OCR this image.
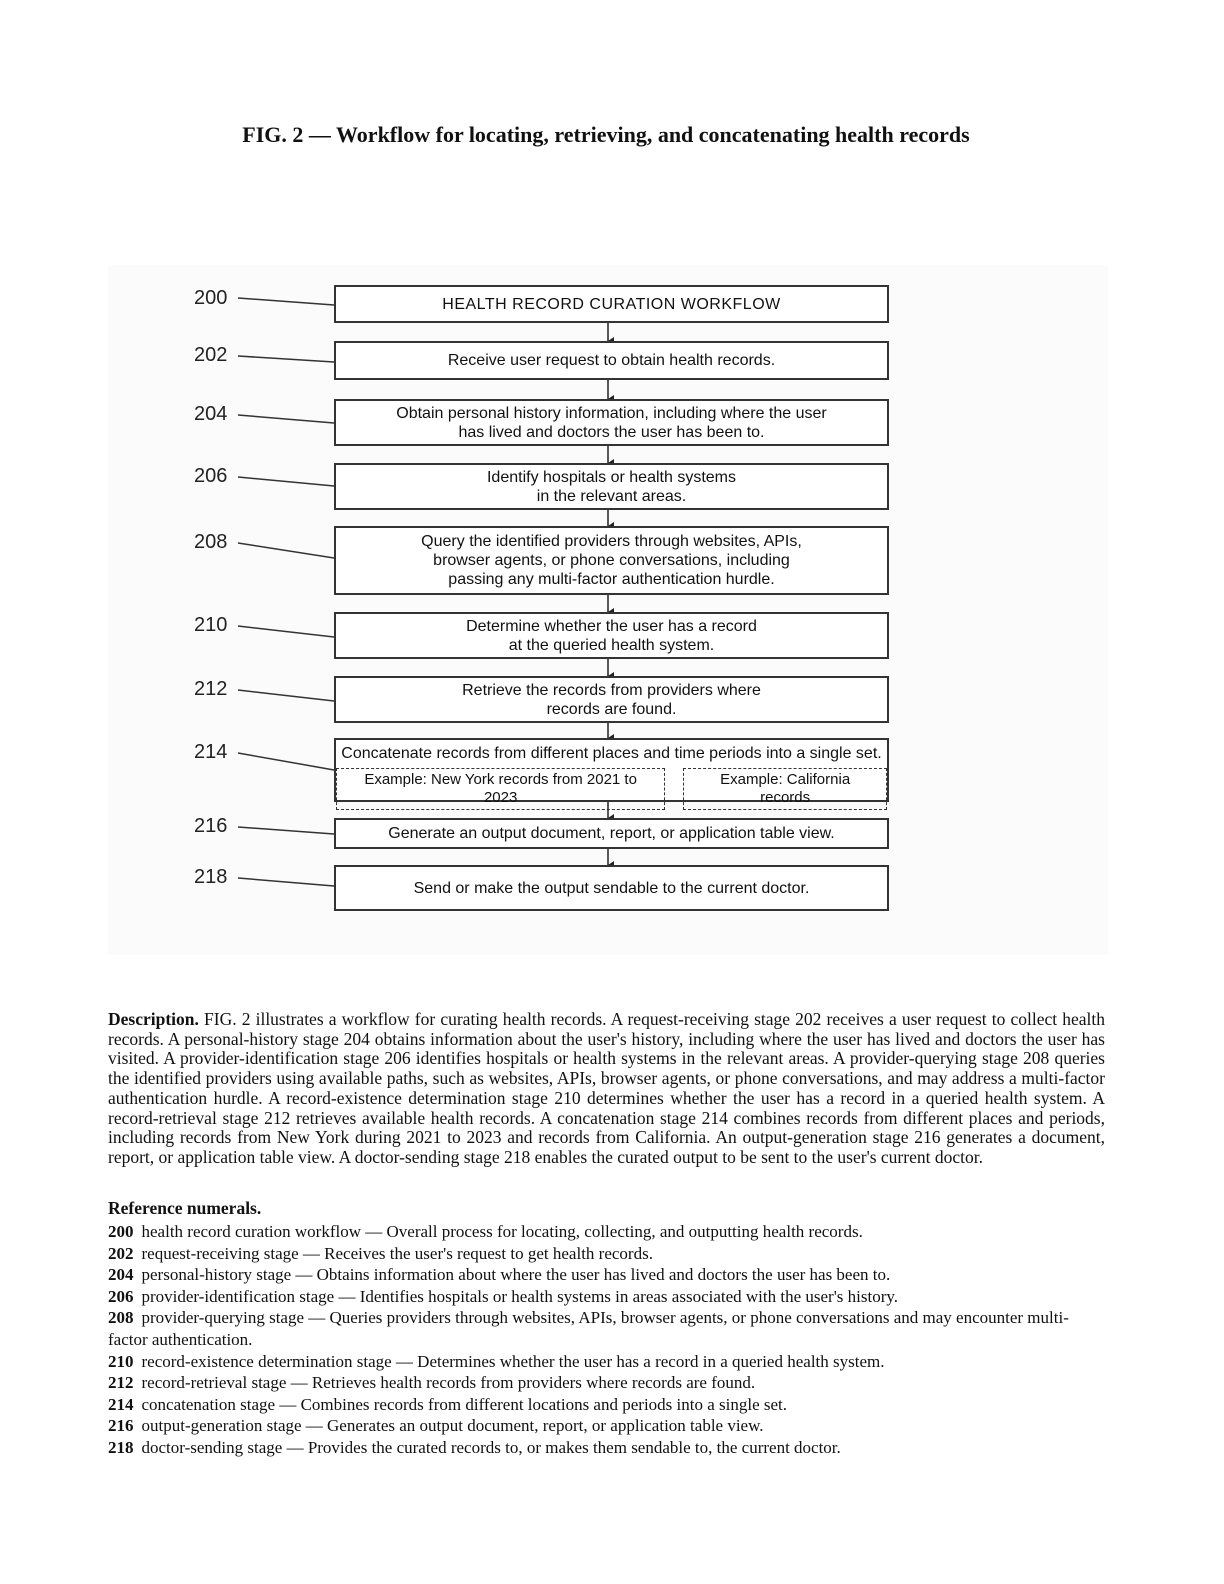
FIG. 2 — Workflow for locating, retrieving, and concatenating health records
200
202
204
206
208
210
212
214
216
218
HEALTH RECORD CURATION WORKFLOW
Receive user request to obtain health records.
Obtain personal history information, including where the user
has lived and doctors the user has been to.
Identify hospitals or health systems
in the relevant areas.
Query the identified providers through websites, APIs,
browser agents, or phone conversations, including
passing any multi-factor authentication hurdle.
Determine whether the user has a record
at the queried health system.
Retrieve the records from providers where
records are found.
Concatenate records from different places and time periods into a single set.
Example: New York records from 2021 to 2023
Example: California records
Generate an output document, report, or application table view.
Send or make the output sendable to the current doctor.
Description. FIG. 2 illustrates a workflow for curating health records. A request-receiving stage 202 receives a user request to collect health records. A personal-history stage 204 obtains information about the user's history, including where the user has lived and doctors the user has visited. A provider-identification stage 206 identifies hospitals or health systems in the relevant areas. A provider-querying stage 208 queries the identified providers using available paths, such as websites, APIs, browser agents, or phone conversations, and may address a multi-factor authentication hurdle. A record-existence determination stage 210 determines whether the user has a record in a queried health system. A record-retrieval stage 212 retrieves available health records. A concatenation stage 214 combines records from different places and periods, including records from New York during 2021 to 2023 and records from California. An output-generation stage 216 generates a document, report, or application table view. A doctor-sending stage 218 enables the curated output to be sent to the user's current doctor.
Reference numerals.

200 health record curation workflow — Overall process for locating, collecting, and outputting health records.

202 request-receiving stage — Receives the user's request to get health records.

204 personal-history stage — Obtains information about where the user has lived and doctors the user has been to.

206 provider-identification stage — Identifies hospitals or health systems in areas associated with the user's history.

208 provider-querying stage — Queries providers through websites, APIs, browser agents, or phone conversations and may encounter multi-factor authentication.

210 record-existence determination stage — Determines whether the user has a record in a queried health system.

212 record-retrieval stage — Retrieves health records from providers where records are found.

214 concatenation stage — Combines records from different locations and periods into a single set.

216 output-generation stage — Generates an output document, report, or application table view.

218 doctor-sending stage — Provides the curated records to, or makes them sendable to, the current doctor.
